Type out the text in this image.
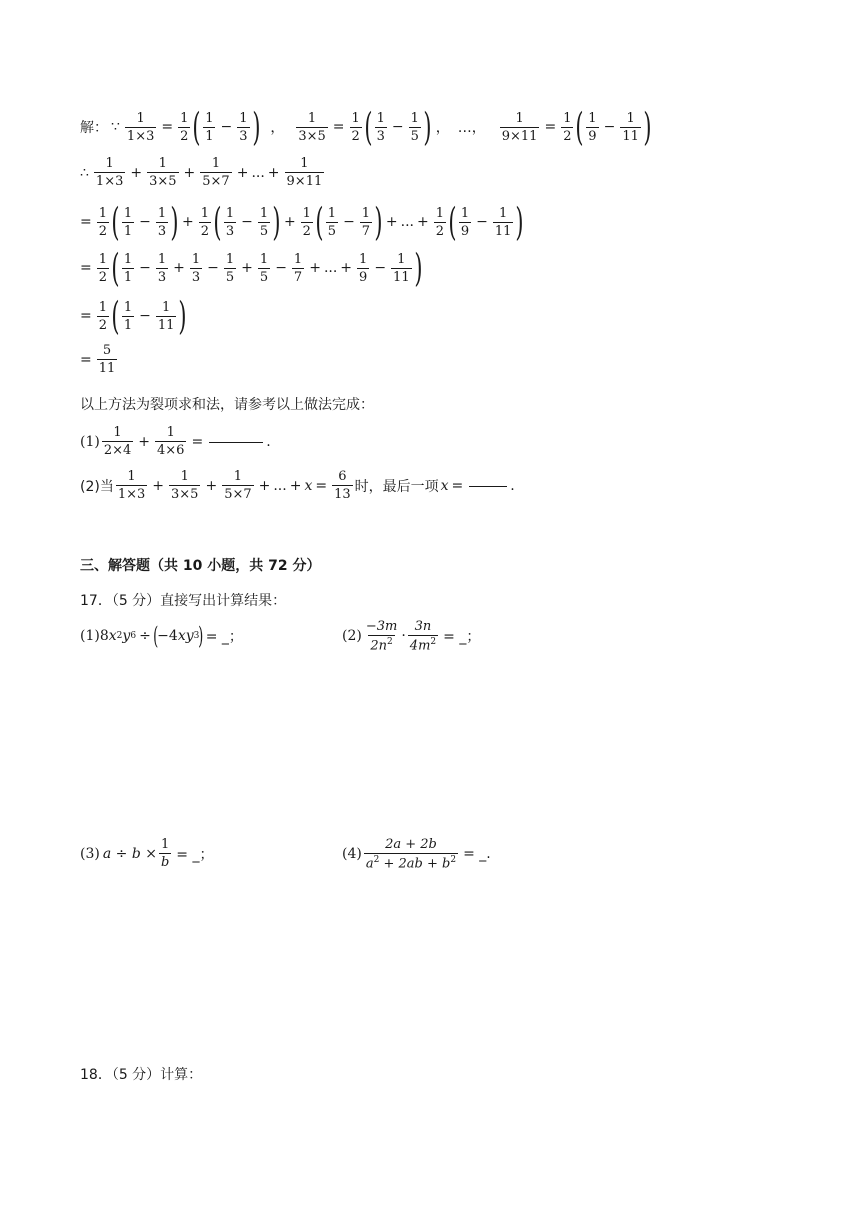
解： ∵ $\frac{1}{1\times 3} = \frac{1}{2}$ ( $\frac{1}{1} - \frac{1}{3}$ ) ， $\frac{1}{3\times 5} = \frac{1}{2}$ ( $\frac{1}{3} - \frac{1}{5}$ ) ， …， $\frac{1}{9\times 11} = \frac{1}{2}$ ( $\frac{1}{9} - \frac{1}{11}$ )
∴ $\frac{1}{1\times 3} + \frac{1}{3\times 5} + \frac{1}{5\times 7}$ + ... + $\frac{1}{9\times 11}$
= $\frac{1}{2}$ ( $\frac{1}{1} - \frac{1}{3}$ ) + $\frac{1}{2}$ ( $\frac{1}{3} - \frac{1}{5}$ ) + $\frac{1}{2}$ ( $\frac{1}{5} - \frac{1}{7}$ ) + ... + $\frac{1}{2}$ ( $\frac{1}{9} - \frac{1}{11}$ )
= $\frac{1}{2}$ ( $\frac{1}{1} - \frac{1}{3} + \frac{1}{3} - \frac{1}{5} + \frac{1}{5} - \frac{1}{7}$ + ... + $\frac{1}{9} - \frac{1}{11}$ )
= $\frac{1}{2}$ ( $\frac{1}{1} - \frac{1}{11}$ )
= $\frac{5}{11}$
以上方法为裂项求和法，请参考以上做法完成：
$(1) \frac{1}{2\times 4} + \frac{1}{4\times 6}$ =	.
(2)当 $\frac{1}{1\times 3} + \frac{1}{3\times 5} + \frac{1}{5\times 7}$ + ... + $x = \frac{6}{13}$ 时，最后一项 x =	.
三、解答题（共 10 小题，共 72 分）
17．（5 分）直接写出计算结果：
(1) 8 x 2 y 6 ÷ ( −4 xy 3 ) = _；	$(2) \frac{-3m}{2n^2} \cdot \frac{3n}{4m^2}$ = _；
(3) $a \div b \times \frac{1}{b}$ = _；	$(4) \frac{2a + 2b}{a^2 + 2ab + b^2}$ = _.
18．（5 分）计算：
